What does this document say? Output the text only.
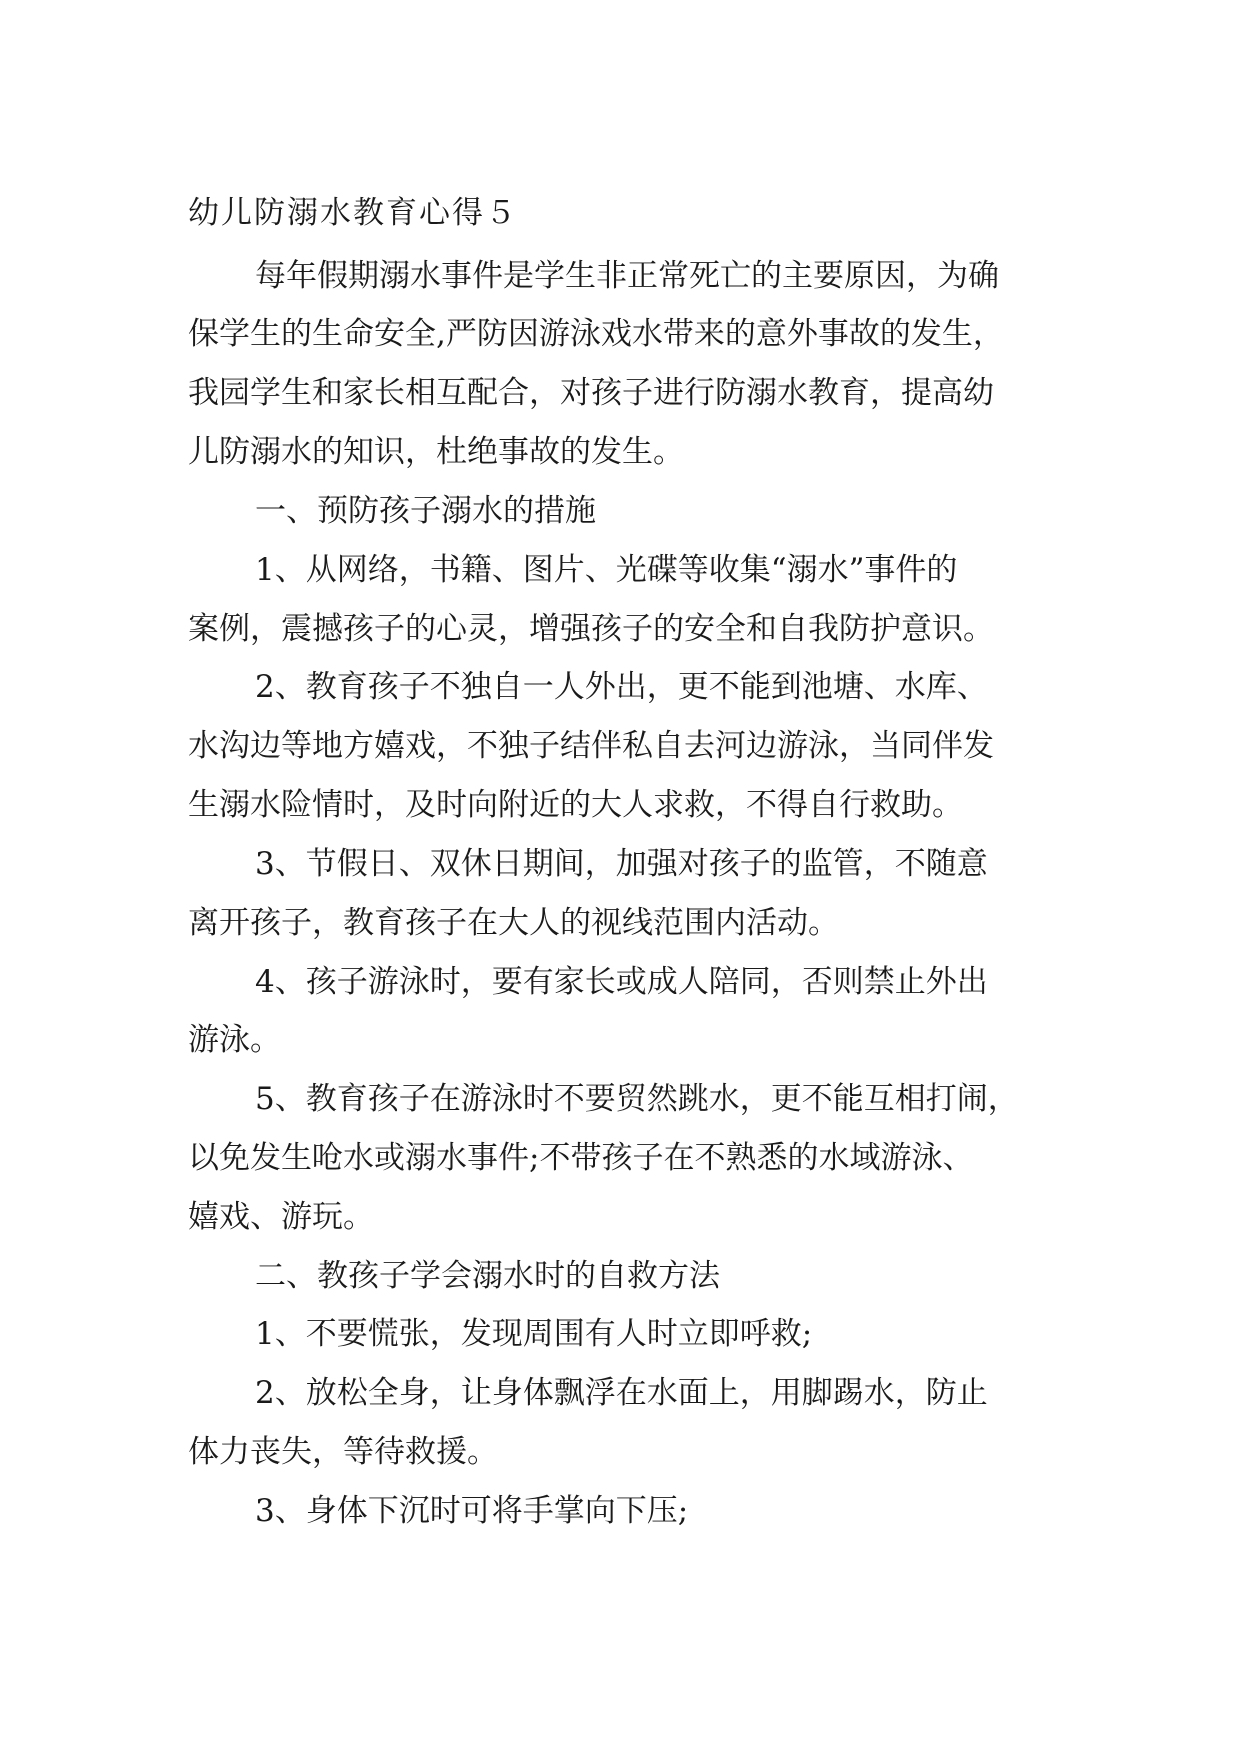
幼儿防溺水教育心得５
每年假期溺水事件是学生非正常死亡的主要原因，为确
保学生的生命安全,严防因游泳戏水带来的意外事故的发生，
我园学生和家长相互配合，对孩子进行防溺水教育，提高幼
儿防溺水的知识，杜绝事故的发生。
一、预防孩子溺水的措施
1、从网络，书籍、图片、光碟等收集“溺水”事件的
案例，震撼孩子的心灵，增强孩子的安全和自我防护意识。
2、教育孩子不独自一人外出，更不能到池塘、水库、
水沟边等地方嬉戏，不独子结伴私自去河边游泳，当同伴发
生溺水险情时，及时向附近的大人求救，不得自行救助。
3、节假日、双休日期间，加强对孩子的监管，不随意
离开孩子，教育孩子在大人的视线范围内活动。
4、孩子游泳时，要有家长或成人陪同，否则禁止外出
游泳。
5、教育孩子在游泳时不要贸然跳水，更不能互相打闹，
以免发生呛水或溺水事件;不带孩子在不熟悉的水域游泳、
嬉戏、游玩。
二、教孩子学会溺水时的自救方法
1、不要慌张，发现周围有人时立即呼救;
2、放松全身，让身体飘浮在水面上，用脚踢水，防止
体力丧失，等待救援。
3、身体下沉时可将手掌向下压;
